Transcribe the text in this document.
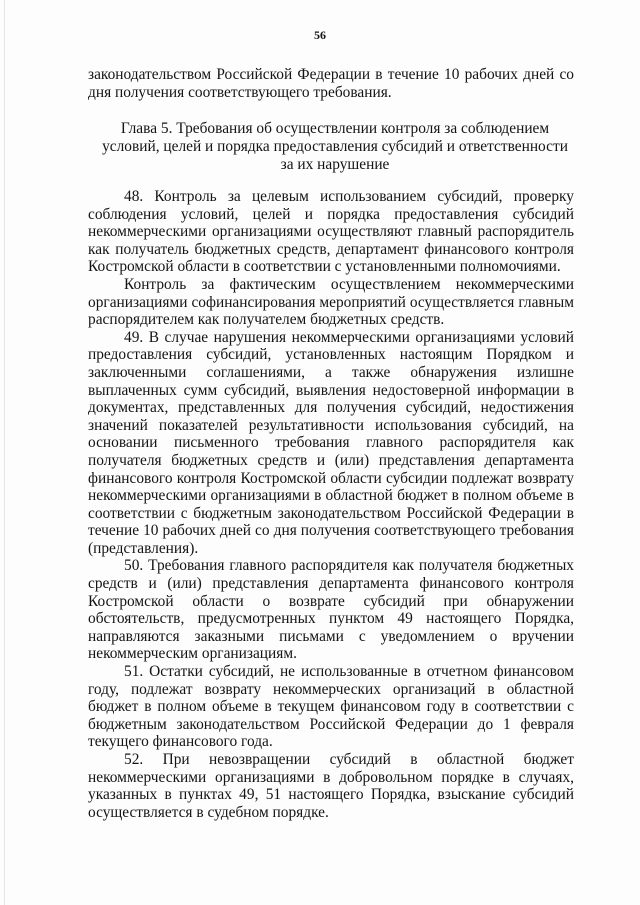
56

законодательством Российской Федерации в течение 10 рабочих дней со дня получения соответствующего требования.

Глава 5. Требования об осуществлении контроля за соблюдением условий, целей и порядка предоставления субсидий и ответственности за их нарушение

48. Контроль за целевым использованием субсидий, проверку соблюдения условий, целей и порядка предоставления субсидий некоммерческими организациями осуществляют главный распорядитель как получатель бюджетных средств, департамент финансового контроля Костромской области в соответствии с установленными полномочиями.

Контроль за фактическим осуществлением некоммерческими организациями софинансирования мероприятий осуществляется главным распорядителем как получателем бюджетных средств.

49. В случае нарушения некоммерческими организациями условий предоставления субсидий, установленных настоящим Порядком и заключенными соглашениями, а также обнаружения излишне выплаченных сумм субсидий, выявления недостоверной информации в документах, представленных для получения субсидий, недостижения значений показателей результативности использования субсидий, на основании письменного требования главного распорядителя как получателя бюджетных средств и (или) представления департамента финансового контроля Костромской области субсидии подлежат возврату некоммерческими организациями в областной бюджет в полном объеме в соответствии с бюджетным законодательством Российской Федерации в течение 10 рабочих дней со дня получения соответствующего требования (представления).

50. Требования главного распорядителя как получателя бюджетных средств и (или) представления департамента финансового контроля Костромской области о возврате субсидий при обнаружении обстоятельств, предусмотренных пунктом 49 настоящего Порядка, направляются заказными письмами с уведомлением о вручении некоммерческим организациям.

51. Остатки субсидий, не использованные в отчетном финансовом году, подлежат возврату некоммерческих организаций в областной бюджет в полном объеме в текущем финансовом году в соответствии с бюджетным законодательством Российской Федерации до 1 февраля текущего финансового года.

52. При невозвращении субсидий в областной бюджет некоммерческими организациями в добровольном порядке в случаях, указанных в пунктах 49, 51 настоящего Порядка, взыскание субсидий осуществляется в судебном порядке.
